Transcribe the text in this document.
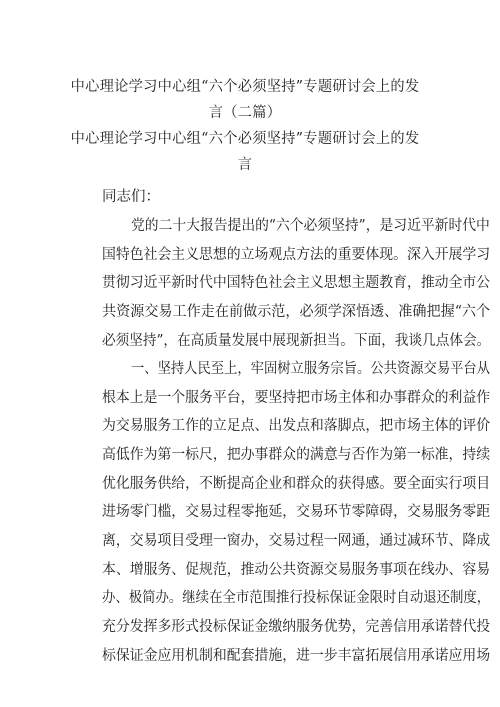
中心理论学习中心组“六个必须坚持”专题研讨会上的发
言（二篇）
中心理论学习中心组“六个必须坚持”专题研讨会上的发
言
同志们：
党的二十大报告提出的“六个必须坚持”，是习近平新时代中
国特色社会主义思想的立场观点方法的重要体现。深入开展学习
贯彻习近平新时代中国特色社会主义思想主题教育，推动全市公
共资源交易工作走在前做示范，必须学深悟透、准确把握“六个
必须坚持”，在高质量发展中展现新担当。下面，我谈几点体会。
一、坚持人民至上，牢固树立服务宗旨。公共资源交易平台从
根本上是一个服务平台，要坚持把市场主体和办事群众的利益作
为交易服务工作的立足点、出发点和落脚点，把市场主体的评价
高低作为第一标尺，把办事群众的满意与否作为第一标准，持续
优化服务供给，不断提高企业和群众的获得感。要全面实行项目
进场零门槛，交易过程零拖延，交易环节零障碍，交易服务零距
离，交易项目受理一窗办，交易过程一网通，通过减环节、降成
本、增服务、促规范，推动公共资源交易服务事项在线办、容易
办、极简办。继续在全市范围推行投标保证金限时自动退还制度，
充分发挥多形式投标保证金缴纳服务优势，完善信用承诺替代投
标保证金应用机制和配套措施，进一步丰富拓展信用承诺应用场
